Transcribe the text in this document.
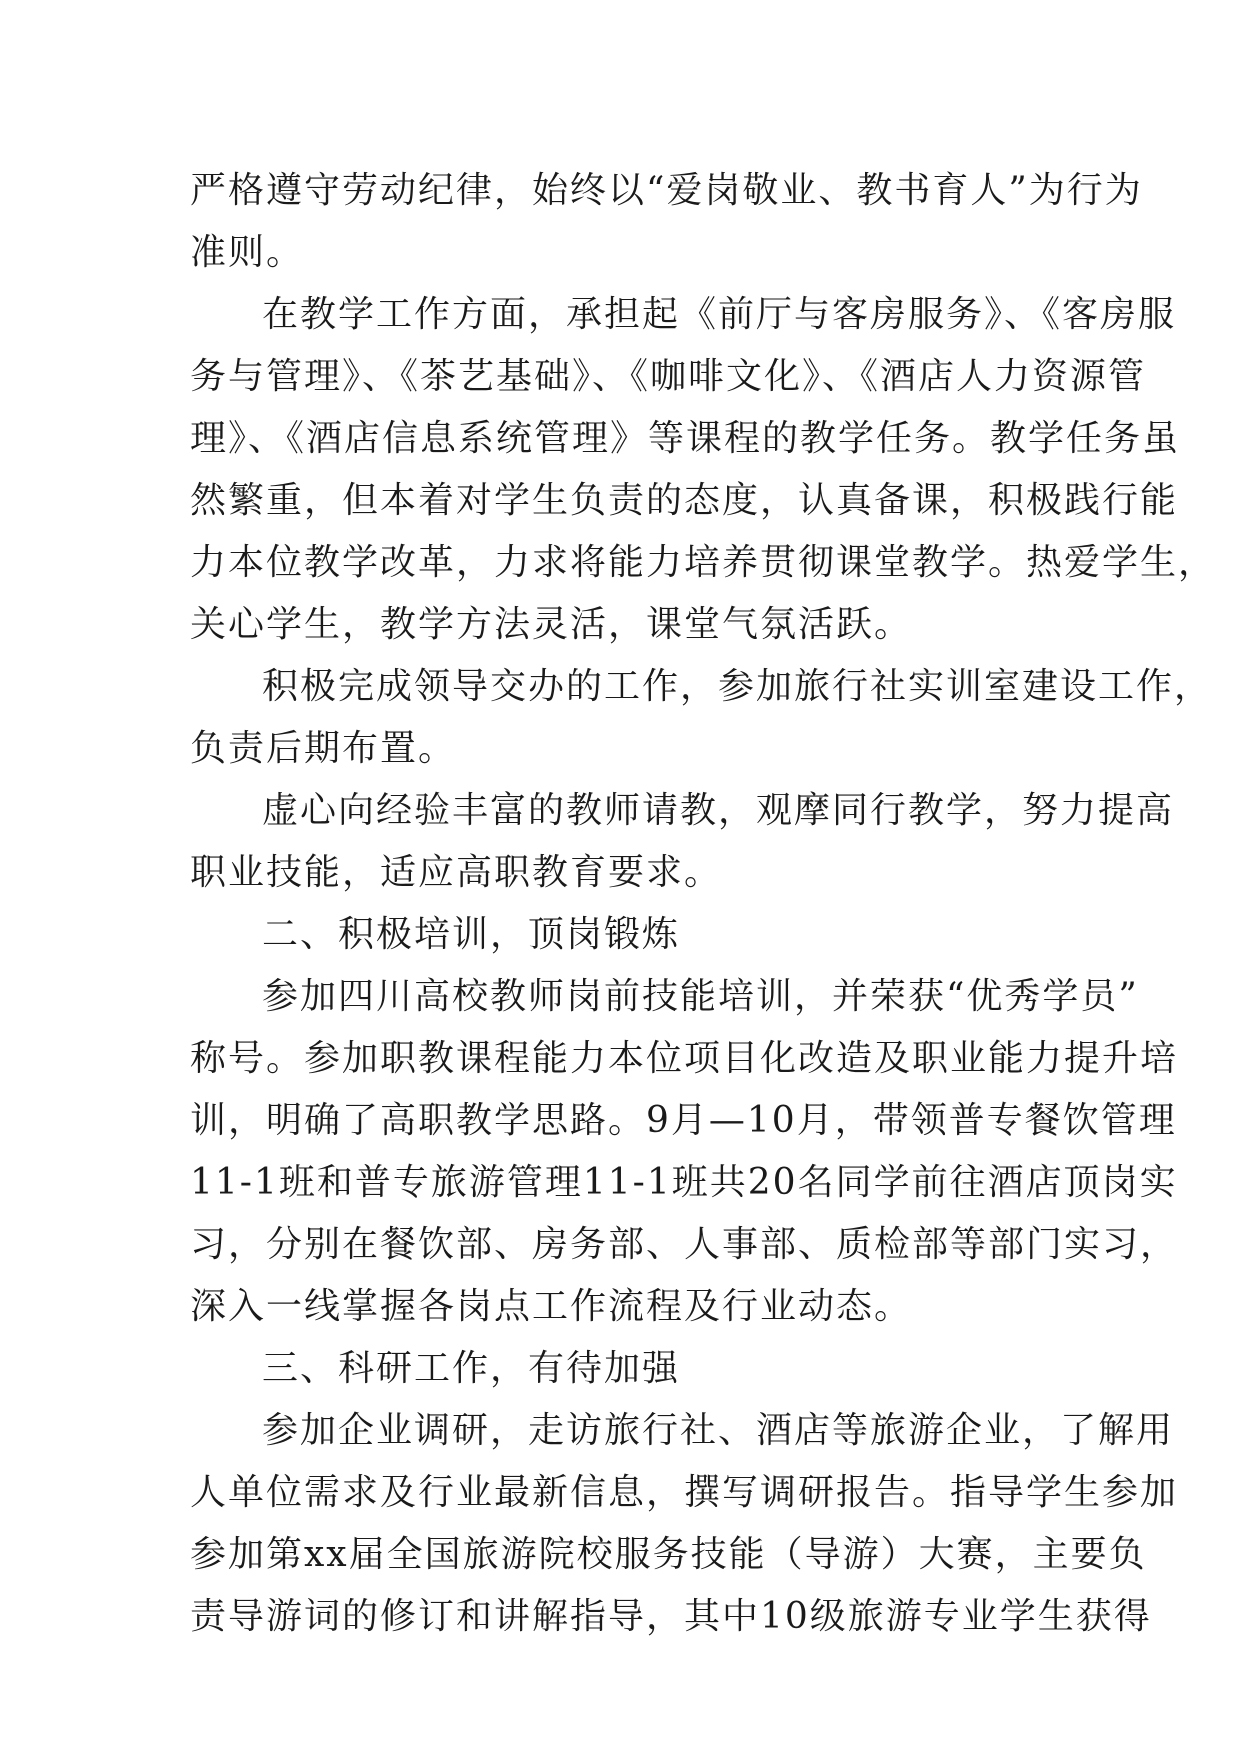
严格遵守劳动纪律，始终以“爱岗敬业、教书育人”为行为
准则。
在教学工作方面，承担起《前厅与客房服务》、《客房服
务与管理》、《茶艺基础》、《咖啡文化》、《酒店人力资源管
理》、《酒店信息系统管理》等课程的教学任务。教学任务虽
然繁重，但本着对学生负责的态度，认真备课，积极践行能
力本位教学改革，力求将能力培养贯彻课堂教学。热爱学生，
关心学生，教学方法灵活，课堂气氛活跃。
积极完成领导交办的工作，参加旅行社实训室建设工作，
负责后期布置。
虚心向经验丰富的教师请教，观摩同行教学，努力提高
职业技能，适应高职教育要求。
二、积极培训，顶岗锻炼
参加四川高校教师岗前技能培训，并荣获“优秀学员”
称号。参加职教课程能力本位项目化改造及职业能力提升培
训，明确了高职教学思路。9月—10月，带领普专餐饮管理
11-1班和普专旅游管理11-1班共20名同学前往酒店顶岗实
习，分别在餐饮部、房务部、人事部、质检部等部门实习，
深入一线掌握各岗点工作流程及行业动态。
三、科研工作，有待加强
参加企业调研，走访旅行社、酒店等旅游企业，了解用
人单位需求及行业最新信息，撰写调研报告。指导学生参加
参加第xx届全国旅游院校服务技能（导游）大赛，主要负
责导游词的修订和讲解指导，其中10级旅游专业学生获得
